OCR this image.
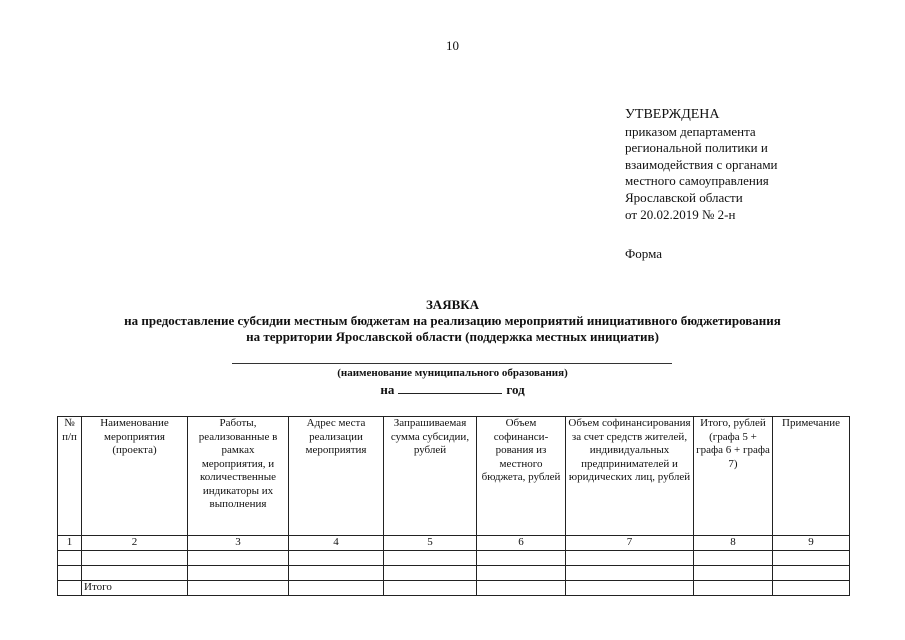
10
УТВЕРЖДЕНА
приказом департамента
региональной политики и
взаимодействия с органами
местного самоуправления
Ярославской области
от 20.02.2019 № 2-н
Форма
ЗАЯВКА
на предоставление субсидии местным бюджетам на реализацию мероприятий инициативного бюджетирования
на территории Ярославской области (поддержка местных инициатив)
(наименование муниципального образования)
на	год
№ п/п	Наименование мероприятия (проекта)	Работы, реализованные в рамках мероприятия, и количественные индикаторы их выполнения	Адрес места реализации мероприятия	Запрашиваемая сумма субсидии, рублей	Объем софинанси-рования из местного бюджета, рублей	Объем софинансирования за счет средств жителей, индивидуальных предпринимателей и юридических лиц, рублей	Итого, рублей (графа 5 + графа 6 + графа 7)	Примечание
1	2	3	4	5	6	7	8	9

	Итого							
